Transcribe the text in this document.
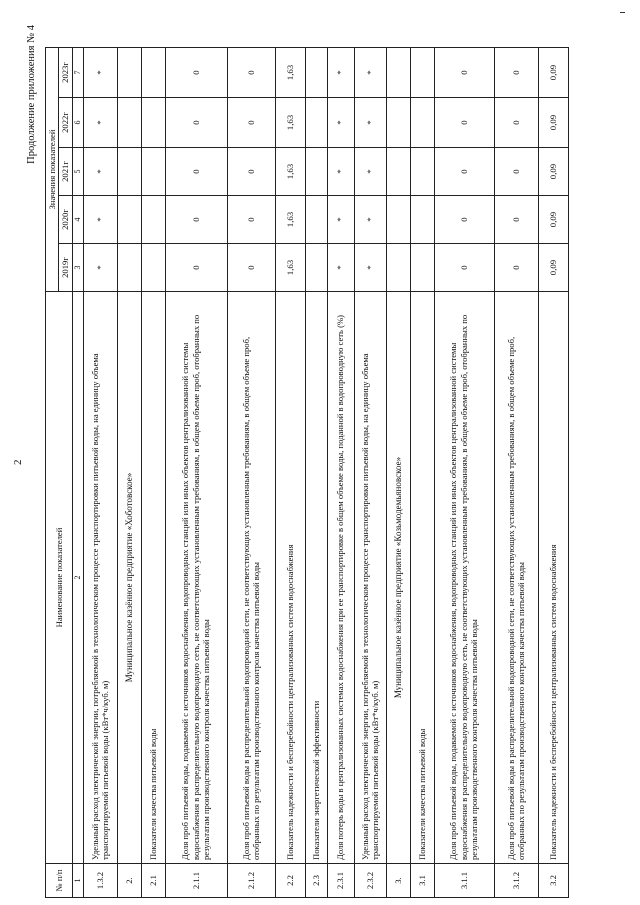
2
Продолжение приложения № 4
№ п/п	Наименование показателей	Значения показателей				
		2019г	2020г	2021г	2022г	2023г
1	2	3	4	5	6	7
1.3.2	Удельный расход электрической энергии, потребляемой в технологическом процессе транспортировки питьевой воды, на единицу объема транспортируемой питьевой воды (кВт*ч/куб. м)	*	*	*	*	*
2.	Муниципальное казённое предприятие «Хоботовское»					
2.1	Показатели качества питьевой воды					
2.1.1	Доля проб питьевой воды, подаваемой с источников водоснабжения, водопроводных станций или иных объектов централизованной системы водоснабжения в распределительную водопроводную сеть, не соответствующих установленным требованиям, в общем объеме проб, отобранных по результатам производственного контроля качества питьевой воды	0	0	0	0	0
2.1.2	Доля проб питьевой воды в распределительной водопроводной сети, не соответствующих установленным требованиям, в общем объеме проб, отобранных по результатам производственного контроля качества питьевой воды	0	0	0	0	0
2.2	Показатель надежности и бесперебойности централизованных систем водоснабжения	1,63	1,63	1,63	1,63	1,63
2.3	Показатели энергетической эффективности					
2.3.1	Доля потерь воды в централизованных системах водоснабжения при ее транспортировке в общем объеме воды, поданной в водопроводную сеть (%)	*	*	*	*	*
2.3.2	Удельный расход электрической энергии, потребляемой в технологическом процессе транспортировки питьевой воды, на единицу объема транспортируемой питьевой воды (кВт*ч/куб. м)	*	*	*	*	*
3.	Муниципальное казённое предприятие «Козьмодемьяновское»					
3.1	Показатели качества питьевой воды					
3.1.1	Доля проб питьевой воды, подаваемой с источников водоснабжения, водопроводных станций или иных объектов централизованной системы водоснабжения в распределительную водопроводную сеть, не соответствующих установленным требованиям, в общем объеме проб, отобранных по результатам производственного контроля качества питьевой воды	0	0	0	0	0
3.1.2	Доля проб питьевой воды в распределительной водопроводной сети, не соответствующих установленным требованиям, в общем объеме проб, отобранных по результатам производственного контроля качества питьевой воды	0	0	0	0	0
3.2	Показатель надежности и бесперебойности централизованных систем водоснабжения	0,09	0,09	0,09	0,09	0,09
